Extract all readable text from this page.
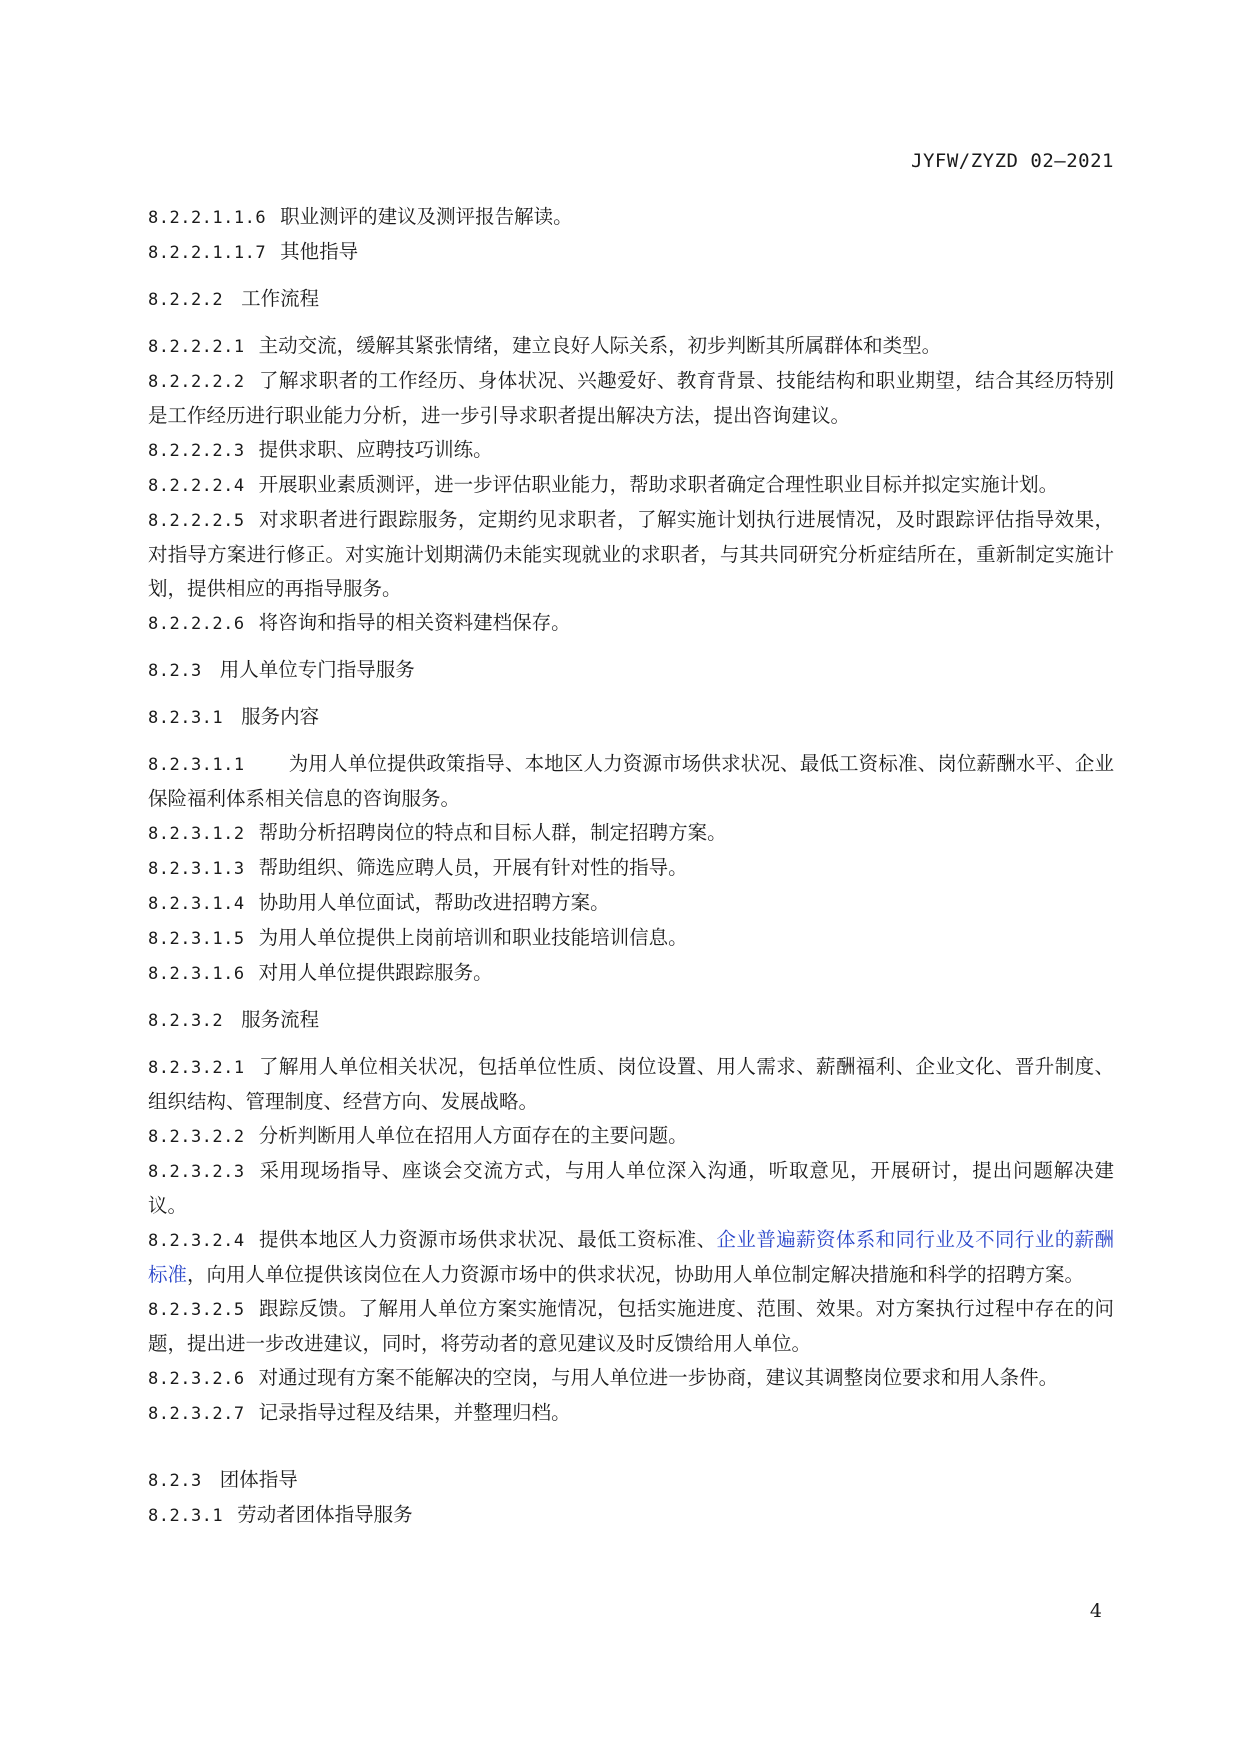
JYFW/ZYZD 02—2021

8.2.2.1.1.6 职业测评的建议及测评报告解读。

8.2.2.1.1.7 其他指导

8.2.2.2 工作流程

8.2.2.2.1 主动交流，缓解其紧张情绪，建立良好人际关系，初步判断其所属群体和类型。

8.2.2.2.2 了解求职者的工作经历、身体状况、兴趣爱好、教育背景、技能结构和职业期望，结合其经历特别是工作经历进行职业能力分析，进一步引导求职者提出解决方法，提出咨询建议。

8.2.2.2.3 提供求职、应聘技巧训练。

8.2.2.2.4 开展职业素质测评，进一步评估职业能力，帮助求职者确定合理性职业目标并拟定实施计划。

8.2.2.2.5 对求职者进行跟踪服务，定期约见求职者，了解实施计划执行进展情况，及时跟踪评估指导效果，对指导方案进行修正。对实施计划期满仍未能实现就业的求职者，与其共同研究分析症结所在，重新制定实施计划，提供相应的再指导服务。

8.2.2.2.6 将咨询和指导的相关资料建档保存。

8.2.3 用人单位专门指导服务

8.2.3.1 服务内容

8.2.3.1.1 为用人单位提供政策指导、本地区人力资源市场供求状况、最低工资标准、岗位薪酬水平、企业保险福利体系相关信息的咨询服务。

8.2.3.1.2 帮助分析招聘岗位的特点和目标人群，制定招聘方案。

8.2.3.1.3 帮助组织、筛选应聘人员，开展有针对性的指导。

8.2.3.1.4 协助用人单位面试，帮助改进招聘方案。

8.2.3.1.5 为用人单位提供上岗前培训和职业技能培训信息。

8.2.3.1.6 对用人单位提供跟踪服务。

8.2.3.2 服务流程

8.2.3.2.1 了解用人单位相关状况，包括单位性质、岗位设置、用人需求、薪酬福利、企业文化、晋升制度、组织结构、管理制度、经营方向、发展战略。

8.2.3.2.2 分析判断用人单位在招用人方面存在的主要问题。

8.2.3.2.3 采用现场指导、座谈会交流方式，与用人单位深入沟通，听取意见，开展研讨，提出问题解决建议。

8.2.3.2.4 提供本地区人力资源市场供求状况、最低工资标准、企业普遍薪资体系和同行业及不同行业的薪酬标准，向用人单位提供该岗位在人力资源市场中的供求状况，协助用人单位制定解决措施和科学的招聘方案。

8.2.3.2.5 跟踪反馈。了解用人单位方案实施情况，包括实施进度、范围、效果。对方案执行过程中存在的问题，提出进一步改进建议，同时，将劳动者的意见建议及时反馈给用人单位。

8.2.3.2.6 对通过现有方案不能解决的空岗，与用人单位进一步协商，建议其调整岗位要求和用人条件。

8.2.3.2.7 记录指导过程及结果，并整理归档。

8.2.3 团体指导

8.2.3.1 劳动者团体指导服务

4
